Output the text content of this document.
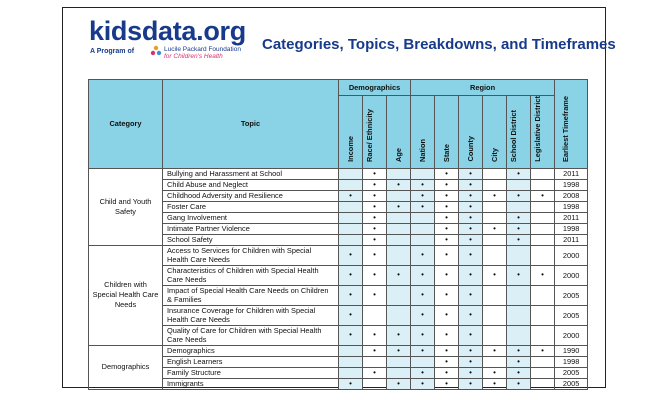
kidsdata.org
A Program of	Lucile Packard Foundation
for Children's Health
Categories, Topics, Breakdowns, and Timeframes
Category	Topic	Demographics			Region						Earliest Timeframe
		Income	Race/ Ethnicity	Age	Nation	State	County	City	School District	Legislative District	
Child and Youth Safety	Bullying and Harassment at School		•			•	•		•		2011
	Child Abuse and Neglect		•	•	•	•	•				1998
	Childhood Adversity and Resilience	•	•		•	•	•	•	•	•	2008
	Foster Care		•	•	•	•	•				1998
	Gang Involvement		•			•	•		•		2011
	Intimate Partner Violence		•			•	•	•	•		1998
	School Safety		•			•	•		•		2011
Children with Special Health Care Needs	Access to Services for Children with Special Health Care Needs	•	•		•	•	•				2000
	Characteristics of Children with Special Health Care Needs	•	•	•	•	•	•	•	•	•	2000
	Impact of Special Health Care Needs on Children & Families	•	•		•	•	•				2005
	Insurance Coverage for Children with Special Health Care Needs	•			•	•	•				2005
	Quality of Care for Children with Special Health Care Needs	•	•	•	•	•	•				2000
Demographics	Demographics		•	•	•	•	•	•	•	•	1990
	English Learners					•	•		•		1998
	Family Structure		•		•	•	•	•	•		2005
	Immigrants	•		•	•	•	•	•	•		2005
